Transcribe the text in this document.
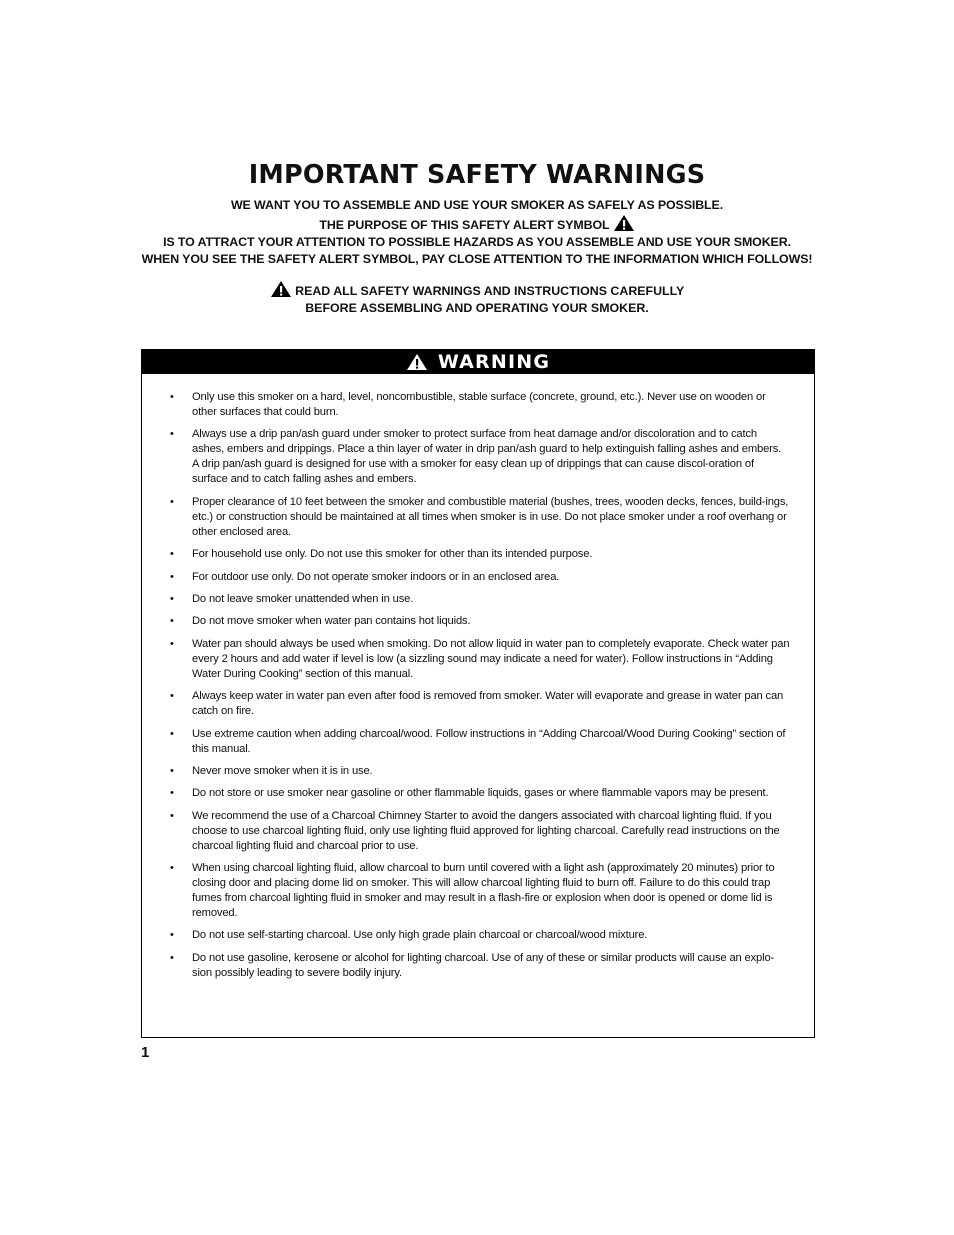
IMPORTANT SAFETY WARNINGS
WE WANT YOU TO ASSEMBLE AND USE YOUR SMOKER AS SAFELY AS POSSIBLE.
THE PURPOSE OF THIS SAFETY ALERT SYMBOL
IS TO ATTRACT YOUR ATTENTION TO POSSIBLE HAZARDS AS YOU ASSEMBLE AND USE YOUR SMOKER.
WHEN YOU SEE THE SAFETY ALERT SYMBOL, PAY CLOSE ATTENTION TO THE INFORMATION WHICH FOLLOWS!
READ ALL SAFETY WARNINGS AND INSTRUCTIONS CAREFULLY
BEFORE ASSEMBLING AND OPERATING YOUR SMOKER.
WARNING
• Only use this smoker on a hard, level, noncombustible, stable surface (concrete, ground, etc.). Never use on wooden or other surfaces that could burn.
• Always use a drip pan/ash guard under smoker to protect surface from heat damage and/or discoloration and to catch ashes, embers and drippings. Place a thin layer of water in drip pan/ash guard to help extinguish falling ashes and embers. A drip pan/ash guard is designed for use with a smoker for easy clean up of drippings that can cause discol-oration of surface and to catch falling ashes and embers.
• Proper clearance of 10 feet between the smoker and combustible material (bushes, trees, wooden decks, fences, build-ings, etc.) or construction should be maintained at all times when smoker is in use. Do not place smoker under a roof overhang or other enclosed area.
• For household use only. Do not use this smoker for other than its intended purpose.
• For outdoor use only. Do not operate smoker indoors or in an enclosed area.
• Do not leave smoker unattended when in use.
• Do not move smoker when water pan contains hot liquids.
• Water pan should always be used when smoking. Do not allow liquid in water pan to completely evaporate. Check water pan every 2 hours and add water if level is low (a sizzling sound may indicate a need for water). Follow instructions in “Adding Water During Cooking” section of this manual.
• Always keep water in water pan even after food is removed from smoker. Water will evaporate and grease in water pan can catch on fire.
• Use extreme caution when adding charcoal/wood. Follow instructions in “Adding Charcoal/Wood During Cooking” section of this manual.
• Never move smoker when it is in use.
• Do not store or use smoker near gasoline or other flammable liquids, gases or where flammable vapors may be present.
• We recommend the use of a Charcoal Chimney Starter to avoid the dangers associated with charcoal lighting fluid. If you choose to use charcoal lighting fluid, only use lighting fluid approved for lighting charcoal. Carefully read instructions on the charcoal lighting fluid and charcoal prior to use.
• When using charcoal lighting fluid, allow charcoal to burn until covered with a light ash (approximately 20 minutes) prior to closing door and placing dome lid on smoker. This will allow charcoal lighting fluid to burn off. Failure to do this could trap fumes from charcoal lighting fluid in smoker and may result in a flash-fire or explosion when door is opened or dome lid is removed.
• Do not use self-starting charcoal. Use only high grade plain charcoal or charcoal/wood mixture.
• Do not use gasoline, kerosene or alcohol for lighting charcoal. Use of any of these or similar products will cause an explo-sion possibly leading to severe bodily injury.
1
